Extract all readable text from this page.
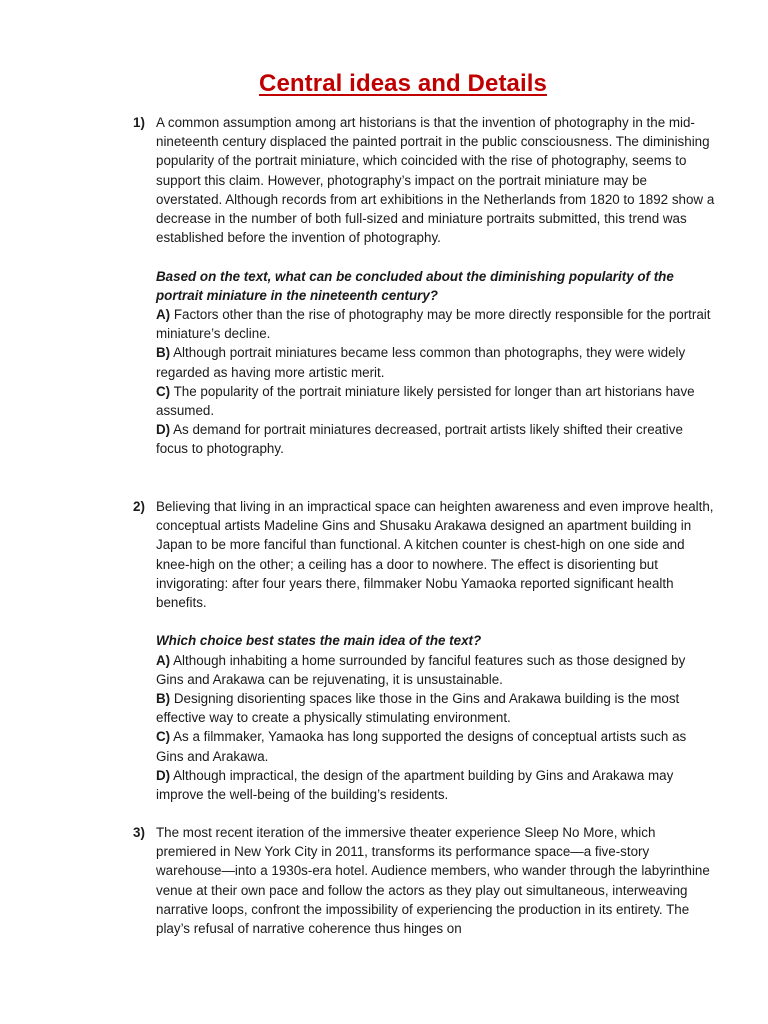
Central ideas and Details
1) A common assumption among art historians is that the invention of photography in the mid-nineteenth century displaced the painted portrait in the public consciousness. The diminishing popularity of the portrait miniature, which coincided with the rise of photography, seems to support this claim. However, photography’s impact on the portrait miniature may be overstated. Although records from art exhibitions in the Netherlands from 1820 to 1892 show a decrease in the number of both full-sized and miniature portraits submitted, this trend was established before the invention of photography.

Based on the text, what can be concluded about the diminishing popularity of the portrait miniature in the nineteenth century?

A) Factors other than the rise of photography may be more directly responsible for the portrait miniature’s decline.

B) Although portrait miniatures became less common than photographs, they were widely regarded as having more artistic merit.

C) The popularity of the portrait miniature likely persisted for longer than art historians have assumed.

D) As demand for portrait miniatures decreased, portrait artists likely shifted their creative focus to photography.

2) Believing that living in an impractical space can heighten awareness and even improve health, conceptual artists Madeline Gins and Shusaku Arakawa designed an apartment building in Japan to be more fanciful than functional. A kitchen counter is chest-high on one side and knee-high on the other; a ceiling has a door to nowhere. The effect is disorienting but invigorating: after four years there, filmmaker Nobu Yamaoka reported significant health benefits.

Which choice best states the main idea of the text?

A) Although inhabiting a home surrounded by fanciful features such as those designed by Gins and Arakawa can be rejuvenating, it is unsustainable.

B) Designing disorienting spaces like those in the Gins and Arakawa building is the most effective way to create a physically stimulating environment.

C) As a filmmaker, Yamaoka has long supported the designs of conceptual artists such as Gins and Arakawa.

D) Although impractical, the design of the apartment building by Gins and Arakawa may improve the well-being of the building’s residents.

3) The most recent iteration of the immersive theater experience Sleep No More, which premiered in New York City in 2011, transforms its performance space—a five-story warehouse—into a 1930s-era hotel. Audience members, who wander through the labyrinthine venue at their own pace and follow the actors as they play out simultaneous, interweaving narrative loops, confront the impossibility of experiencing the production in its entirety. The play’s refusal of narrative coherence thus hinges on
